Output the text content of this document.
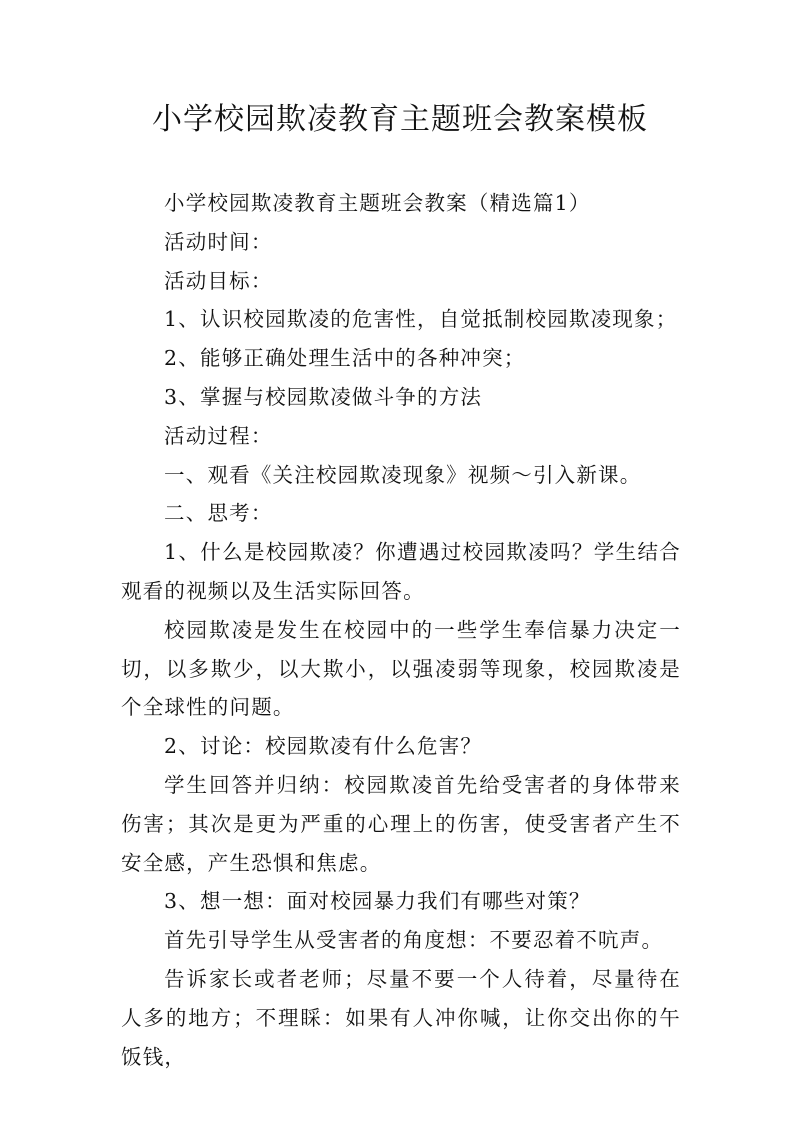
小学校园欺凌教育主题班会教案模板

小学校园欺凌教育主题班会教案（精选篇1）

活动时间：

活动目标：

1、认识校园欺凌的危害性，自觉抵制校园欺凌现象；

2、能够正确处理生活中的各种冲突；

3、掌握与校园欺凌做斗争的方法

活动过程：

一、观看《关注校园欺凌现象》视频～引入新课。

二、思考：

1、什么是校园欺凌？你遭遇过校园欺凌吗？学生结合观看的视频以及生活实际回答。

校园欺凌是发生在校园中的一些学生奉信暴力决定一切，以多欺少，以大欺小，以强凌弱等现象，校园欺凌是个全球性的问题。

2、讨论：校园欺凌有什么危害？

学生回答并归纳：校园欺凌首先给受害者的身体带来伤害；其次是更为严重的心理上的伤害，使受害者产生不安全感，产生恐惧和焦虑。

3、想一想：面对校园暴力我们有哪些对策？

首先引导学生从受害者的角度想：不要忍着不吭声。

告诉家长或者老师；尽量不要一个人待着，尽量待在人多的地方；不理睬：如果有人冲你喊，让你交出你的午饭钱，
